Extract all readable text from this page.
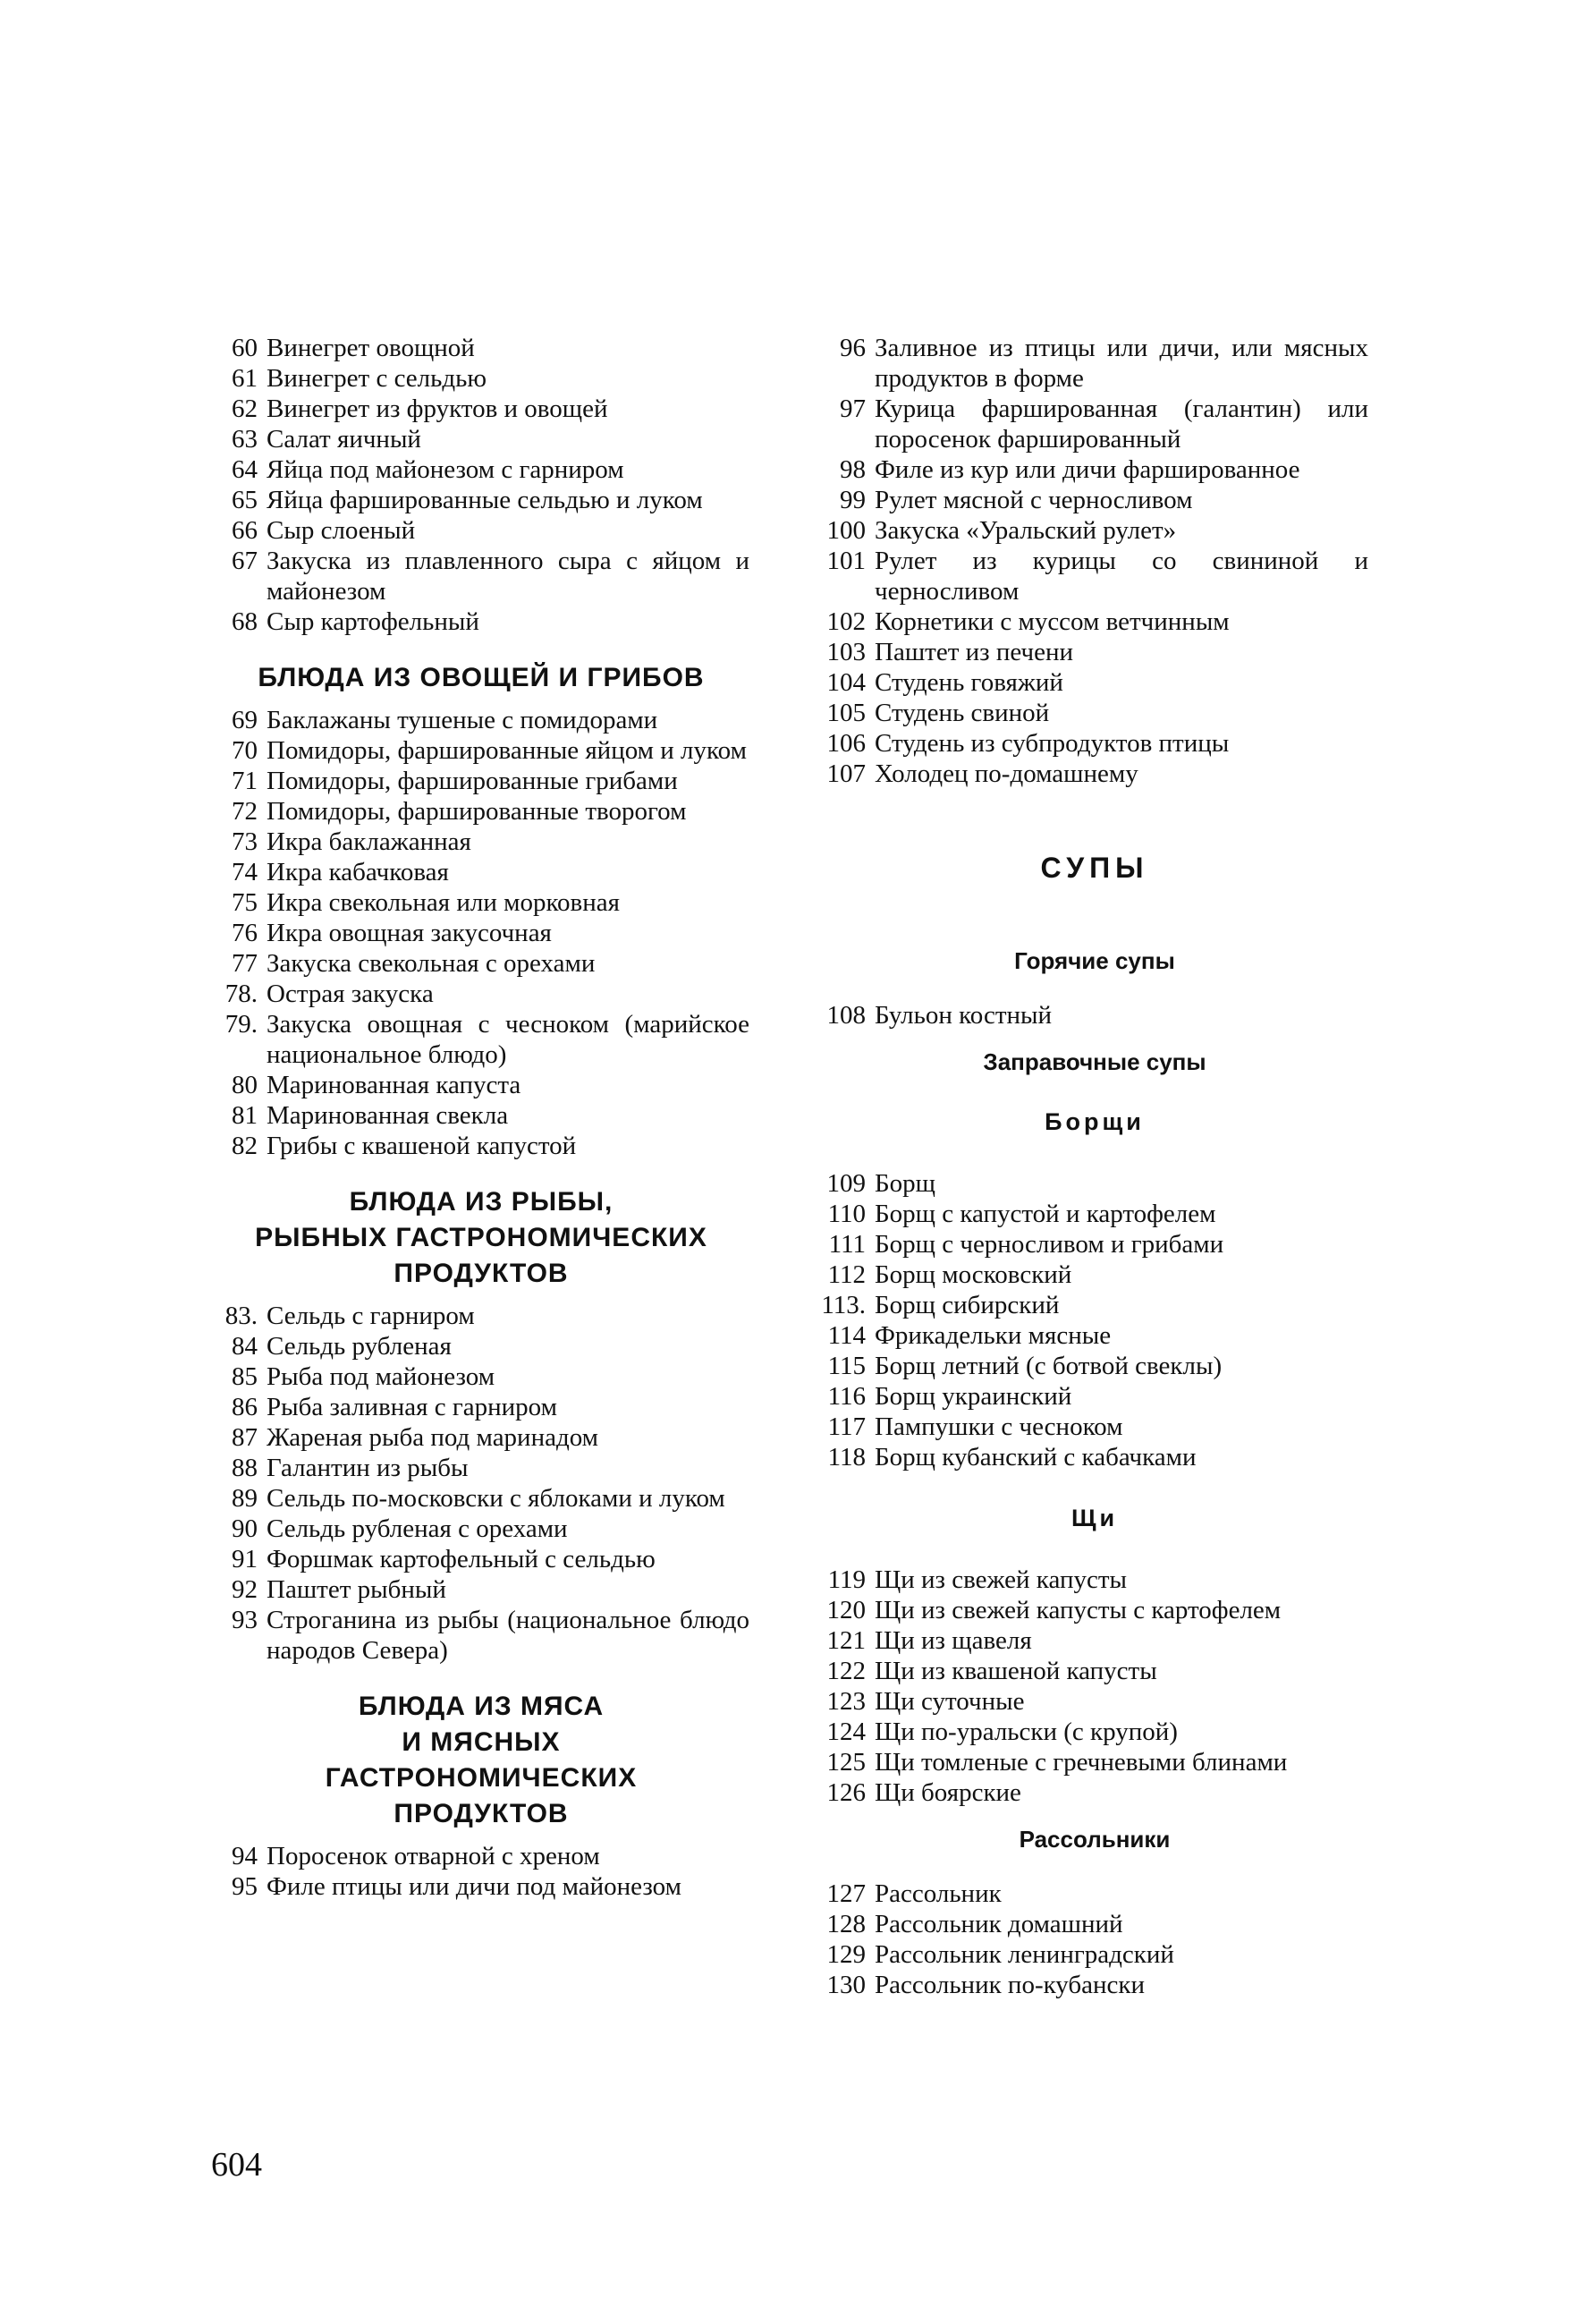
60 Винегрет овощной
61 Винегрет с сельдью
62 Винегрет из фруктов и овощей
63 Салат яичный
64 Яйца под майонезом с гарниром
65 Яйца фаршированные сельдью и луком
66 Сыр слоеный
67 Закуска из плавленного сыра с яйцом и майонезом
68 Сыр картофельный
БЛЮДА ИЗ ОВОЩЕЙ И ГРИБОВ
69 Баклажаны тушеные с помидорами
70 Помидоры, фаршированные яйцом и луком
71 Помидоры, фаршированные грибами
72 Помидоры, фаршированные творогом
73 Икра баклажанная
74 Икра кабачковая
75 Икра свекольная или морковная
76 Икра овощная закусочная
77 Закуска свекольная с орехами
78. Острая закуска
79. Закуска овощная с чесноком (марийское национальное блюдо)
80 Маринованная капуста
81 Маринованная свекла
82 Грибы с квашеной капустой
БЛЮДА ИЗ РЫБЫ,
РЫБНЫХ ГАСТРОНОМИЧЕСКИХ
ПРОДУКТОВ
83. Сельдь с гарниром
84 Сельдь рубленая
85 Рыба под майонезом
86 Рыба заливная с гарниром
87 Жареная рыба под маринадом
88 Галантин из рыбы
89 Сельдь по-московски с яблоками и луком
90 Сельдь рубленая с орехами
91 Форшмак картофельный с сельдью
92 Паштет рыбный
93 Строганина из рыбы (национальное блюдо народов Севера)
БЛЮДА ИЗ МЯСА
И МЯСНЫХ
ГАСТРОНОМИЧЕСКИХ
ПРОДУКТОВ
94 Поросенок отварной с хреном
95 Филе птицы или дичи под майонезом
96 Заливное из птицы или дичи, или мясных продуктов в форме
97 Курица фаршированная (галантин) или поросенок фаршированный
98 Филе из кур или дичи фаршированное
99 Рулет мясной с черносливом
100 Закуска «Уральский рулет»
101 Рулет из курицы со свининой и черносливом
102 Корнетики с муссом ветчинным
103 Паштет из печени
104 Студень говяжий
105 Студень свиной
106 Студень из субпродуктов птицы
107 Холодец по-домашнему
СУПЫ
Горячие супы
108 Бульон костный
Заправочные супы
Борщи
109 Борщ
110 Борщ с капустой и картофелем
111 Борщ с черносливом и грибами
112 Борщ московский
113. Борщ сибирский
114 Фрикадельки мясные
115 Борщ летний (с ботвой свеклы)
116 Борщ украинский
117 Пампушки с чесноком
118 Борщ кубанский с кабачками
Щи
119 Щи из свежей капусты
120 Щи из свежей капусты с картофелем
121 Щи из щавеля
122 Щи из квашеной капусты
123 Щи суточные
124 Щи по-уральски (с крупой)
125 Щи томленые с гречневыми блинами
126 Щи боярские
Рассольники
127 Рассольник
128 Рассольник домашний
129 Рассольник ленинградский
130 Рассольник по-кубански
604
